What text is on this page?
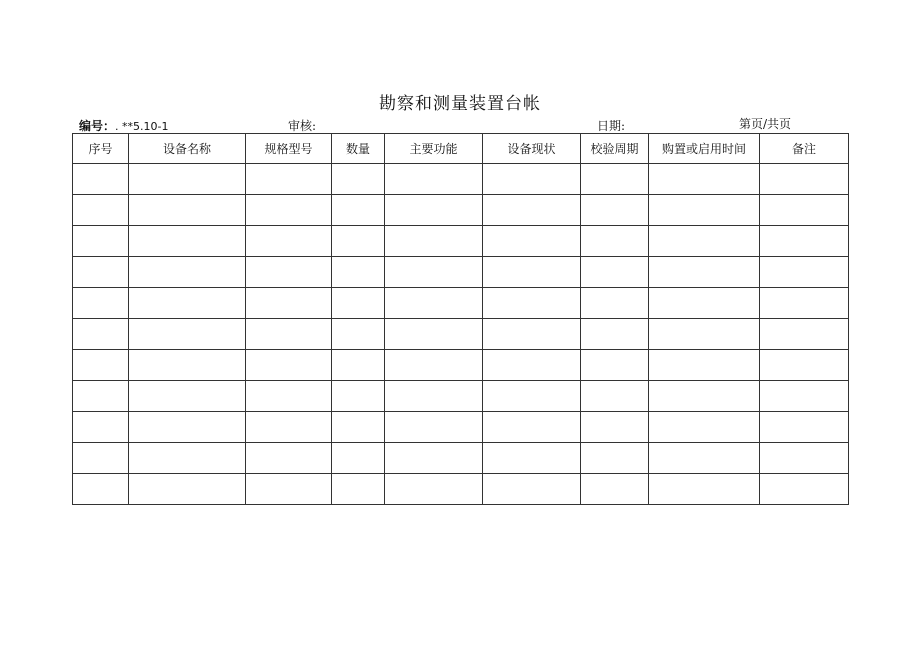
勘察和测量装置台帐
编号：. **5.10-1	审核:	日期:	第页/共页
序号	设备名称	规格型号	数量	主要功能	设备现状	校验周期	购置或启用时间	备注
